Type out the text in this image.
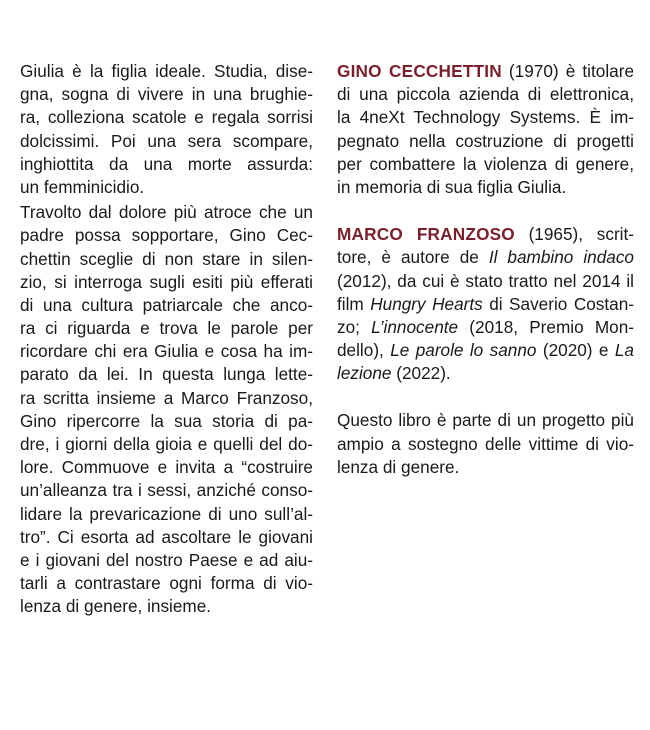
Giulia è la figlia ideale. Studia, dise-
gna, sogna di vivere in una brughie-
ra, colleziona scatole e regala sorrisi
dolcissimi. Poi una sera scompare,
inghiottita da una morte assurda:
un femminicidio.
Travolto dal dolore più atroce che un
padre possa sopportare, Gino Cec-
chettin sceglie di non stare in silen-
zio, si interroga sugli esiti più efferati
di una cultura patriarcale che anco-
ra ci riguarda e trova le parole per
ricordare chi era Giulia e cosa ha im-
parato da lei. In questa lunga lette-
ra scritta insieme a Marco Franzoso,
Gino ripercorre la sua storia di pa-
dre, i giorni della gioia e quelli del do-
lore. Commuove e invita a “costruire
un’alleanza tra i sessi, anziché conso-
lidare la prevaricazione di uno sull’al-
tro”. Ci esorta ad ascoltare le giovani
e i giovani del nostro Paese e ad aiu-
tarli a contrastare ogni forma di vio-
lenza di genere, insieme.
GINO CECCHETTIN (1970) è titolare
di una piccola azienda di elettronica,
la 4neXt Technology Systems. È im-
pegnato nella costruzione di progetti
per combattere la violenza di genere,
in memoria di sua figlia Giulia.
MARCO FRANZOSO (1965), scrit-
tore, è autore de Il bambino indaco
(2012), da cui è stato tratto nel 2014 il
film Hungry Hearts di Saverio Costan-
zo; L’innocente (2018, Premio Mon-
dello), Le parole lo sanno (2020) e La
lezione (2022).
Questo libro è parte di un progetto più
ampio a sostegno delle vittime di vio-
lenza di genere.
